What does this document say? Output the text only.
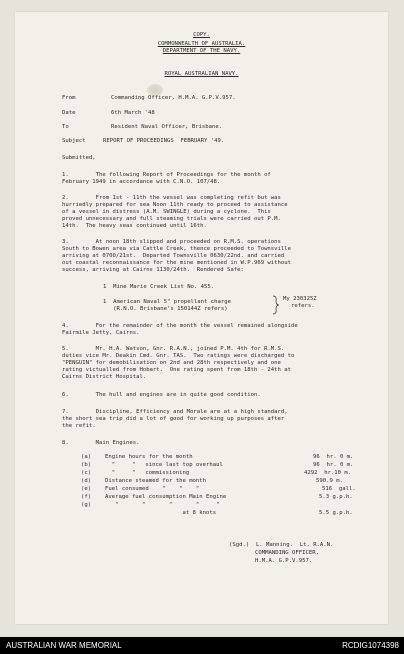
COPY.
COMMONWEALTH OF AUSTRALIA.
DEPARTMENT OF THE NAVY.
ROYAL AUSTRALIAN NAVY.
From	Commanding Officer, H.M.A. G.P.V.957.
Date	6th March '48
To	Resident Naval Officer, Brisbane.
Subject	REPORT OF PROCEEDINGS  FEBRUARY '49.
Submitted,
1.        The following Report of Proceedings for the month of
February 1949 in accordance with C.N.O. 107/48.
2.        From 1st - 11th the vessel was completing refit but was
hurriedly prepared for sea Noon 11th ready to proceed to assistance
of a vessel in distress (A.M. SWINGLE) during a cyclone.  This
proved unnecessary and full steaming trials were carried out P.M.
14th.  The heavy seas continued until 16th.
3.        At noon 18th slipped and proceeded on R.M.S. operations
South to Bowen area via Cattle Creek, thence proceeded to Townsville
arriving at 0700/21st.  Departed Townsville 0630/22nd. and carried
out coastal reconnaissance for the mine mentioned in W.P.969 without
success, arriving at Cairns 1130/24th.  Rendered Safe:
1  Mine Marie Creek List No. 455.
1  American Naval 5" propellant charge
(R.N.O. Brisbane's 150144Z refers)
My 230325Z
refers.
4.        For the remainder of the month the vessel remained alongside
Fairmile Jetty, Cairns.
5.        Mr. H.A. Watson, Gnr. R.A.N., joined P.M. 4th for R.M.S.
duties vice Mr. Deakin Cmd. Gnr. TAS.  Two ratings were discharged to
"PENGUIN" for demobilisation on 2nd and 28th respectively and one
rating victualled from Hobart.  One rating spent from 18th - 24th at
Cairns District Hospital.
6.        The hull and engines are in quite good condition.
7.        Discipline, Efficiency and Morale are at a high standard,
the short sea trip did a lot of good for working up purposes after
the refit.
8.        Main Engines.
(a) Engine hours for the month	96  hr. 0 m.
(b) "     "   since last top overhaul	96  hr. 0 m.
(c) "     "   commissioning	4292  hr.10 m.
(d) Distance steamed for the month	590.9 m.
(e) Fuel consumed    "    "    "	516  gall.
(f) Average fuel consumption Main Engine	5.3 g.p.h.
(g) "       "       "       "     "
at 8 knots	5.5 g.p.h.
(Sgd.)  L. Manning.  Lt. R.A.N.
COMMANDING OFFICER,
H.M.A. G.P.V.957.
AUSTRALIAN WAR MEMORIAL	RCDIG1074398
